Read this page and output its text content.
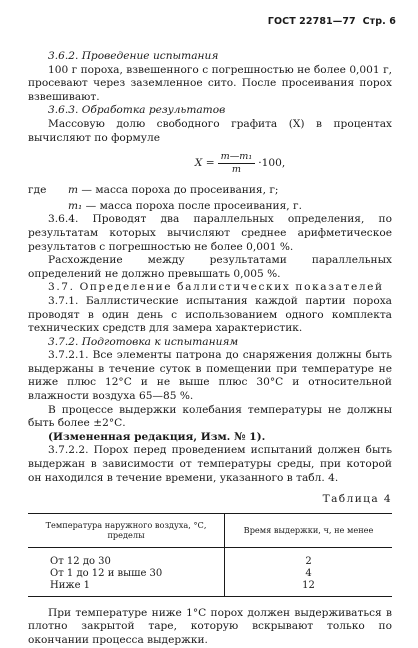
ГОСТ 22781—77 Стр. 6

3.6.2. Проведение испытания

100 г пороха, взвешенного с погрешностью не более 0,001 г, просевают через заземленное сито. После просеивания порох взвешивают.

3.6.3. Обработка результатов

Массовую долю свободного графита (X) в процентах вычисляют по формуле

$X = \frac{\text{m—m₁}}{m} \cdot 100$,
где	m
— масса пороха до просеивания, г;
m₁
— масса пороха после просеивания, г.

3.6.4. Проводят два параллельных определения, по результатам которых вычисляют среднее арифметическое результатов с погрешностью не более 0,001 %.

Расхождение между результатами параллельных определений не должно превышать 0,005 %.

3.7. Определение баллистических показателей

3.7.1. Баллистические испытания каждой партии пороха проводят в один день с использованием одного комплекта технических средств для замера характеристик.

3.7.2. Подготовка к испытаниям

3.7.2.1. Все элементы патрона до снаряжения должны быть выдержаны в течение суток в помещении при температуре не ниже плюс 12°С и не выше плюс 30°С и относительной влажности воздуха 65—85 %.

В процессе выдержки колебания температуры не должны быть более ±2°С.

(Измененная редакция, Изм. № 1).

3.7.2.2. Порох перед проведением испытаний должен быть выдержан в зависимости от температуры среды, при которой он находился в течение времени, указанного в табл. 4.

Таблица 4
Температура наружного воздуха, °С, пределы	Время выдержки, ч, не менее
От 12 до 30	2
От 1 до 12 и выше 30	4
Ниже 1	12

При температуре ниже 1°С порох должен выдерживаться в плотно закрытой таре, которую вскрывают только по окончании процесса выдержки.
